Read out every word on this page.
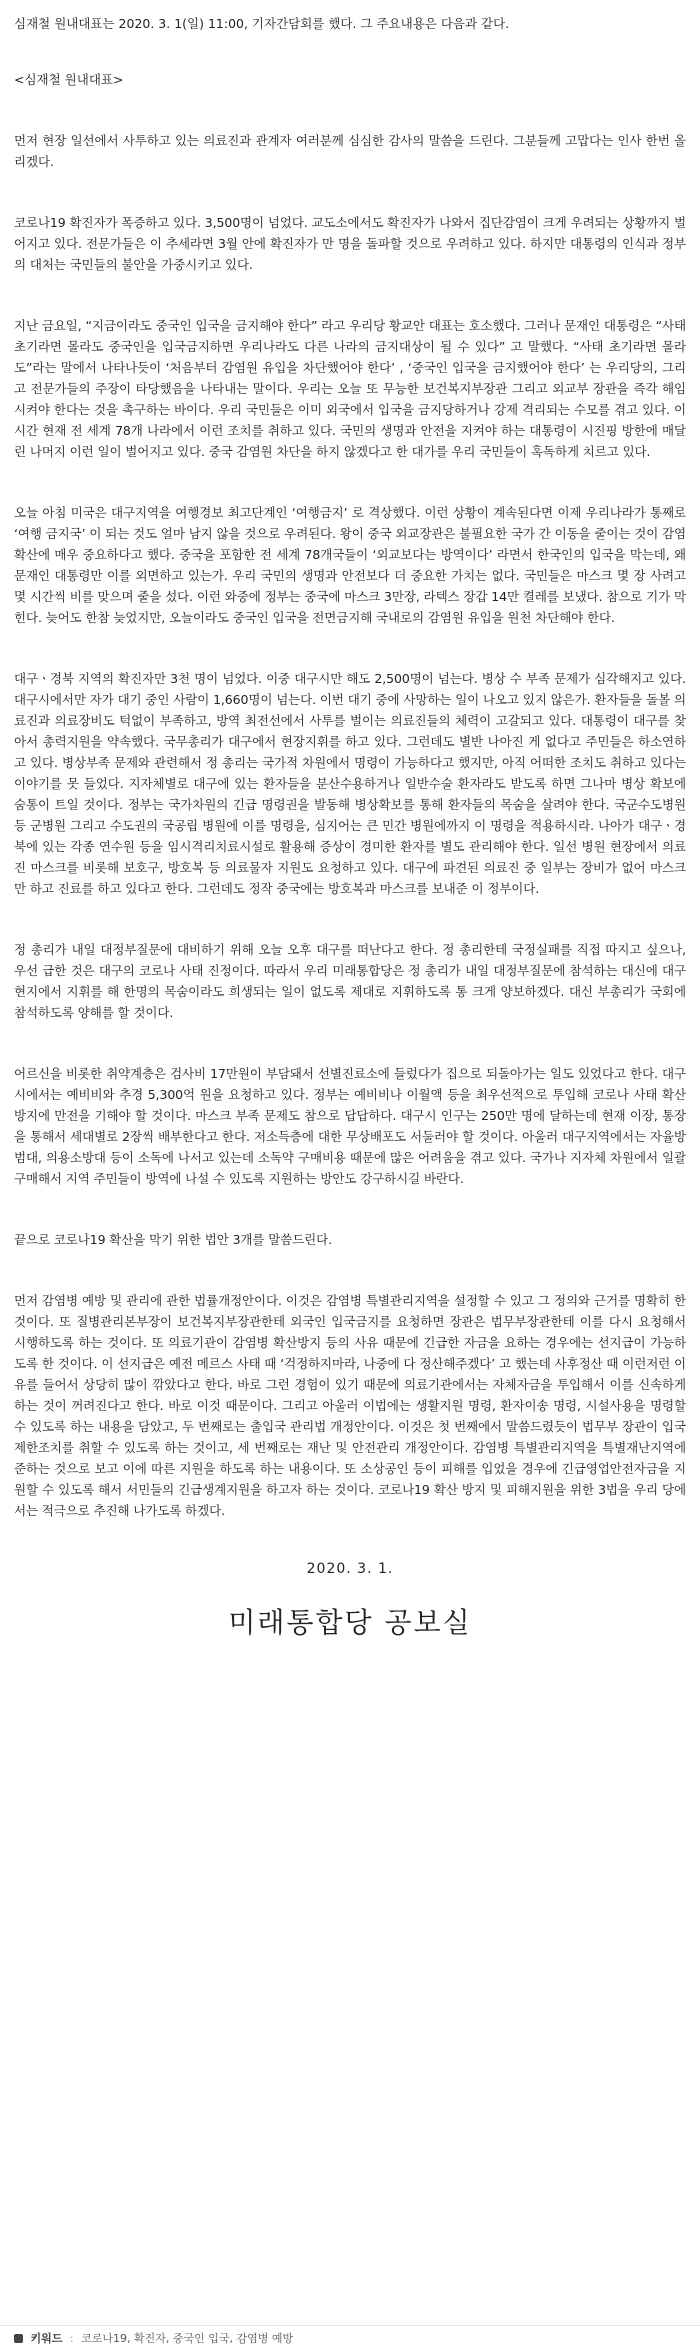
심재철 원내대표는 2020. 3. 1(일) 11:00, 기자간담회를 했다. 그 주요내용은 다음과 같다.

<심재철 원내대표>

먼저 현장 일선에서 사투하고 있는 의료진과 관계자 여러분께 심심한 감사의 말씀을 드린다. 그분들께 고맙다는 인사 한번 올리겠다.

코로나19 확진자가 폭증하고 있다. 3,500명이 넘었다. 교도소에서도 확진자가 나와서 집단감염이 크게 우려되는 상황까지 벌어지고 있다. 전문가들은 이 추세라면 3월 안에 확진자가 만 명을 돌파할 것으로 우려하고 있다. 하지만 대통령의 인식과 정부의 대처는 국민들의 불안을 가중시키고 있다.

지난 금요일, “지금이라도 중국인 입국을 금지해야 한다” 라고 우리당 황교안 대표는 호소했다. 그러나 문재인 대통령은 “사태 초기라면 몰라도 중국인을 입국금지하면 우리나라도 다른 나라의 금지대상이 될 수 있다” 고 말했다. “사태 초기라면 몰라도”라는 말에서 나타나듯이 ‘처음부터 감염원 유입을 차단했어야 한다’ , ‘중국인 입국을 금지했어야 한다’ 는 우리당의, 그리고 전문가들의 주장이 타당했음을 나타내는 말이다. 우리는 오늘 또 무능한 보건복지부장관 그리고 외교부 장관을 즉각 해임시켜야 한다는 것을 촉구하는 바이다. 우리 국민들은 이미 외국에서 입국을 금지당하거나 강제 격리되는 수모를 겪고 있다. 이 시간 현재 전 세계 78개 나라에서 이런 조치를 취하고 있다. 국민의 생명과 안전을 지켜야 하는 대통령이 시진핑 방한에 매달린 나머지 이런 일이 벌어지고 있다. 중국 감염원 차단을 하지 않겠다고 한 대가를 우리 국민들이 혹독하게 치르고 있다.

오늘 아침 미국은 대구지역을 여행경보 최고단계인 ‘여행금지’ 로 격상했다. 이런 상황이 계속된다면 이제 우리나라가 통째로 ‘여행 금지국’ 이 되는 것도 얼마 남지 않을 것으로 우려된다. 왕이 중국 외교장관은 불필요한 국가 간 이동을 줄이는 것이 감염확산에 매우 중요하다고 했다. 중국을 포함한 전 세계 78개국들이 ‘외교보다는 방역이다’ 라면서 한국인의 입국을 막는데, 왜 문재인 대통령만 이를 외면하고 있는가. 우리 국민의 생명과 안전보다 더 중요한 가치는 없다. 국민들은 마스크 몇 장 사려고 몇 시간씩 비를 맞으며 줄을 섰다. 이런 와중에 정부는 중국에 마스크 3만장, 라텍스 장갑 14만 켤레를 보냈다. 참으로 기가 막힌다. 늦어도 한참 늦었지만, 오늘이라도 중국인 입국을 전면금지해 국내로의 감염원 유입을 원천 차단해야 한다.

대구ㆍ경북 지역의 확진자만 3천 명이 넘었다. 이중 대구시만 해도 2,500명이 넘는다. 병상 수 부족 문제가 심각해지고 있다. 대구시에서만 자가 대기 중인 사람이 1,660명이 넘는다. 이번 대기 중에 사망하는 일이 나오고 있지 않은가. 환자들을 돌볼 의료진과 의료장비도 턱없이 부족하고, 방역 최전선에서 사투를 벌이는 의료진들의 체력이 고갈되고 있다. 대통령이 대구를 찾아서 총력지원을 약속했다. 국무총리가 대구에서 현장지휘를 하고 있다. 그런데도 별반 나아진 게 없다고 주민들은 하소연하고 있다. 병상부족 문제와 관련해서 정 총리는 국가적 차원에서 명령이 가능하다고 했지만, 아직 어떠한 조치도 취하고 있다는 이야기를 못 들었다. 지자체별로 대구에 있는 환자들을 분산수용하거나 일반수술 환자라도 받도록 하면 그나마 병상 확보에 숨통이 트일 것이다. 정부는 국가차원의 긴급 명령권을 발동해 병상확보를 통해 환자들의 목숨을 살려야 한다. 국군수도병원 등 군병원 그리고 수도권의 국공립 병원에 이를 명령을, 심지어는 큰 민간 병원에까지 이 명령을 적용하시라. 나아가 대구ㆍ경북에 있는 각종 연수원 등을 임시격리치료시설로 활용해 증상이 경미한 환자를 별도 관리해야 한다. 일선 병원 현장에서 의료진 마스크를 비롯해 보호구, 방호복 등 의료물자 지원도 요청하고 있다. 대구에 파견된 의료진 중 일부는 장비가 없어 마스크만 하고 진료를 하고 있다고 한다. 그런데도 정작 중국에는 방호복과 마스크를 보내준 이 정부이다.

정 총리가 내일 대정부질문에 대비하기 위해 오늘 오후 대구를 떠난다고 한다. 정 총리한테 국정실패를 직접 따지고 싶으나, 우선 급한 것은 대구의 코로나 사태 진정이다. 따라서 우리 미래통합당은 정 총리가 내일 대정부질문에 참석하는 대신에 대구 현지에서 지휘를 해 한명의 목숨이라도 희생되는 일이 없도록 제대로 지휘하도록 통 크게 양보하겠다. 대신 부총리가 국회에 참석하도록 양해를 할 것이다.

어르신을 비롯한 취약계층은 검사비 17만원이 부담돼서 선별진료소에 들렀다가 집으로 되돌아가는 일도 있었다고 한다. 대구시에서는 예비비와 추경 5,300억 원을 요청하고 있다. 정부는 예비비나 이월액 등을 최우선적으로 투입해 코로나 사태 확산 방지에 만전을 기해야 할 것이다. 마스크 부족 문제도 참으로 답답하다. 대구시 인구는 250만 명에 달하는데 현재 이장, 통장을 통해서 세대별로 2장씩 배부한다고 한다. 저소득층에 대한 무상배포도 서둘러야 할 것이다. 아울러 대구지역에서는 자율방범대, 의용소방대 등이 소독에 나서고 있는데 소독약 구매비용 때문에 많은 어려움을 겪고 있다. 국가나 지자체 차원에서 일괄구매해서 지역 주민들이 방역에 나설 수 있도록 지원하는 방안도 강구하시길 바란다.

끝으로 코로나19 확산을 막기 위한 법안 3개를 말씀드린다.

먼저 감염병 예방 및 관리에 관한 법률개정안이다. 이것은 감염병 특별관리지역을 설정할 수 있고 그 정의와 근거를 명확히 한 것이다. 또 질병관리본부장이 보건복지부장관한테 외국인 입국금지를 요청하면 장관은 법무부장관한테 이를 다시 요청해서 시행하도록 하는 것이다. 또 의료기관이 감염병 확산방지 등의 사유 때문에 긴급한 자금을 요하는 경우에는 선지급이 가능하도록 한 것이다. 이 선지급은 예전 메르스 사태 때 ‘걱정하지마라, 나중에 다 정산해주겠다’ 고 했는데 사후정산 때 이런저런 이유를 들어서 상당히 많이 깎았다고 한다. 바로 그런 경험이 있기 때문에 의료기관에서는 자체자금을 투입해서 이를 신속하게 하는 것이 꺼려진다고 한다. 바로 이것 때문이다. 그리고 아울러 이법에는 생활지원 명령, 환자이송 명령, 시설사용을 명령할 수 있도록 하는 내용을 담았고, 두 번째로는 출입국 관리법 개정안이다. 이것은 첫 번째에서 말씀드렸듯이 법무부 장관이 입국 제한조치를 취할 수 있도록 하는 것이고, 세 번째로는 재난 및 안전관리 개정안이다. 감염병 특별관리지역을 특별재난지역에 준하는 것으로 보고 이에 따른 지원을 하도록 하는 내용이다. 또 소상공인 등이 피해를 입었을 경우에 긴급영업안전자금을 지원할 수 있도록 해서 서민들의 긴급생계지원을 하고자 하는 것이다. 코로나19 확산 방지 및 피해지원을 위한 3법을 우리 당에서는 적극으로 추진해 나가도록 하겠다.

2020. 3. 1.

미래통합당 공보실

키워드 : 코로나19, 확진자, 중국인 입국, 감염병 예방
